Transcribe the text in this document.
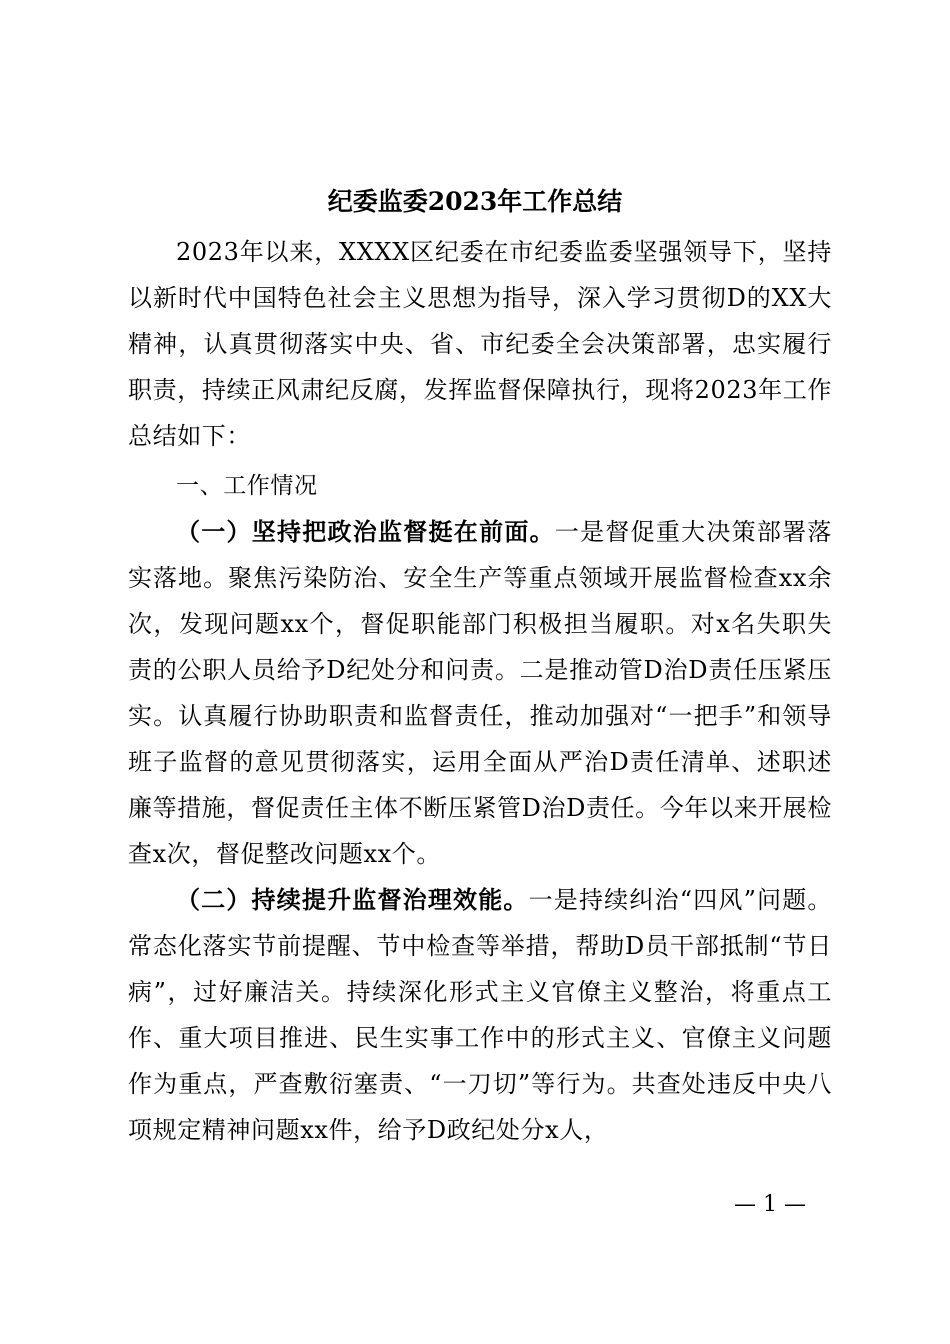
纪委监委2023年工作总结

2023年以来，XXXX区纪委在市纪委监委坚强领导下，坚持以新时代中国特色社会主义思想为指导，深入学习贯彻D的XX大精神，认真贯彻落实中央、省、市纪委全会决策部署，忠实履行职责，持续正风肃纪反腐，发挥监督保障执行，现将2023年工作总结如下：

一、工作情况

（一）坚持把政治监督挺在前面。一是督促重大决策部署落实落地。聚焦污染防治、安全生产等重点领域开展监督检查xx余次，发现问题xx个，督促职能部门积极担当履职。对x名失职失责的公职人员给予D纪处分和问责。二是推动管D治D责任压紧压实。认真履行协助职责和监督责任，推动加强对“一把手”和领导班子监督的意见贯彻落实，运用全面从严治D责任清单、述职述廉等措施，督促责任主体不断压紧管D治D责任。今年以来开展检查x次，督促整改问题xx个。

（二）持续提升监督治理效能。一是持续纠治“四风”问题。常态化落实节前提醒、节中检查等举措，帮助D员干部抵制“节日病”，过好廉洁关。持续深化形式主义官僚主义整治，将重点工作、重大项目推进、民生实事工作中的形式主义、官僚主义问题作为重点，严查敷衍塞责、“一刀切”等行为。共查处违反中央八项规定精神问题xx件，给予D政纪处分x人，

— 1 —
